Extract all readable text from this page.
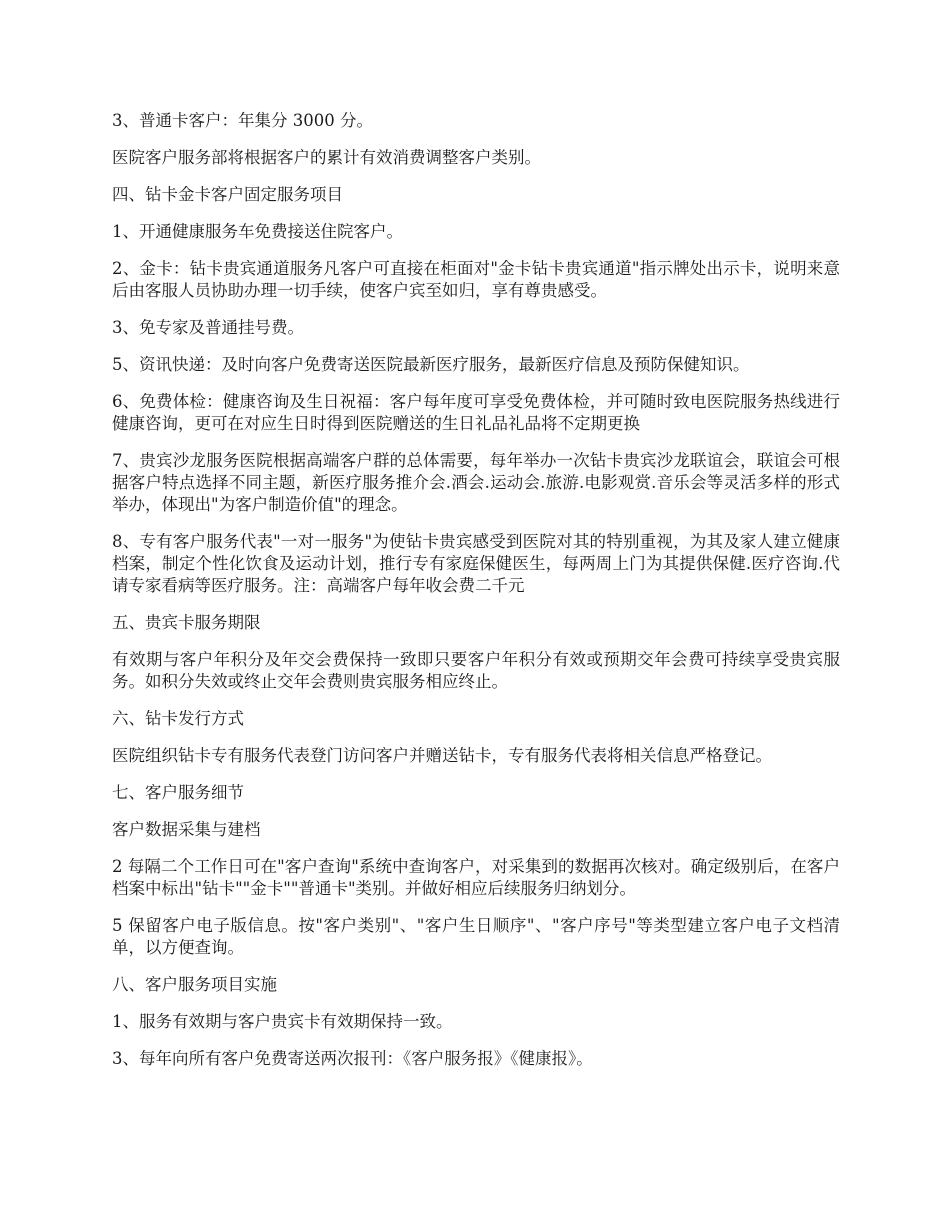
3、普通卡客户：年集分 3000 分。

医院客户服务部将根据客户的累计有效消费调整客户类别。

四、钻卡金卡客户固定服务项目

1、开通健康服务车免费接送住院客户。

2、金卡：钻卡贵宾通道服务凡客户可直接在柜面对"金卡钻卡贵宾通道"指示牌处出示卡，说明来意后由客服人员协助办理一切手续，使客户宾至如归，享有尊贵感受。

3、免专家及普通挂号费。

5、资讯快递：及时向客户免费寄送医院最新医疗服务，最新医疗信息及预防保健知识。

6、免费体检：健康咨询及生日祝福：客户每年度可享受免费体检，并可随时致电医院服务热线进行健康咨询，更可在对应生日时得到医院赠送的生日礼品礼品将不定期更换

7、贵宾沙龙服务医院根据高端客户群的总体需要，每年举办一次钻卡贵宾沙龙联谊会，联谊会可根据客户特点选择不同主题，新医疗服务推介会.酒会.运动会.旅游.电影观赏.音乐会等灵活多样的形式举办，体现出"为客户制造价值"的理念。

8、专有客户服务代表"一对一服务"为使钻卡贵宾感受到医院对其的特别重视，为其及家人建立健康档案，制定个性化饮食及运动计划，推行专有家庭保健医生，每两周上门为其提供保健.医疗咨询.代请专家看病等医疗服务。注：高端客户每年收会费二千元

五、贵宾卡服务期限

有效期与客户年积分及年交会费保持一致即只要客户年积分有效或预期交年会费可持续享受贵宾服务。如积分失效或终止交年会费则贵宾服务相应终止。

六、钻卡发行方式

医院组织钻卡专有服务代表登门访问客户并赠送钻卡，专有服务代表将相关信息严格登记。

七、客户服务细节

客户数据采集与建档

2 每隔二个工作日可在"客户查询"系统中查询客户，对采集到的数据再次核对。确定级别后，在客户档案中标出"钻卡""金卡""普通卡"类别。并做好相应后续服务归纳划分。

5 保留客户电子版信息。按"客户类别"、"客户生日顺序"、"客户序号"等类型建立客户电子文档清单，以方便查询。

八、客户服务项目实施

1、服务有效期与客户贵宾卡有效期保持一致。

3、每年向所有客户免费寄送两次报刊：《客户服务报》《健康报》。
